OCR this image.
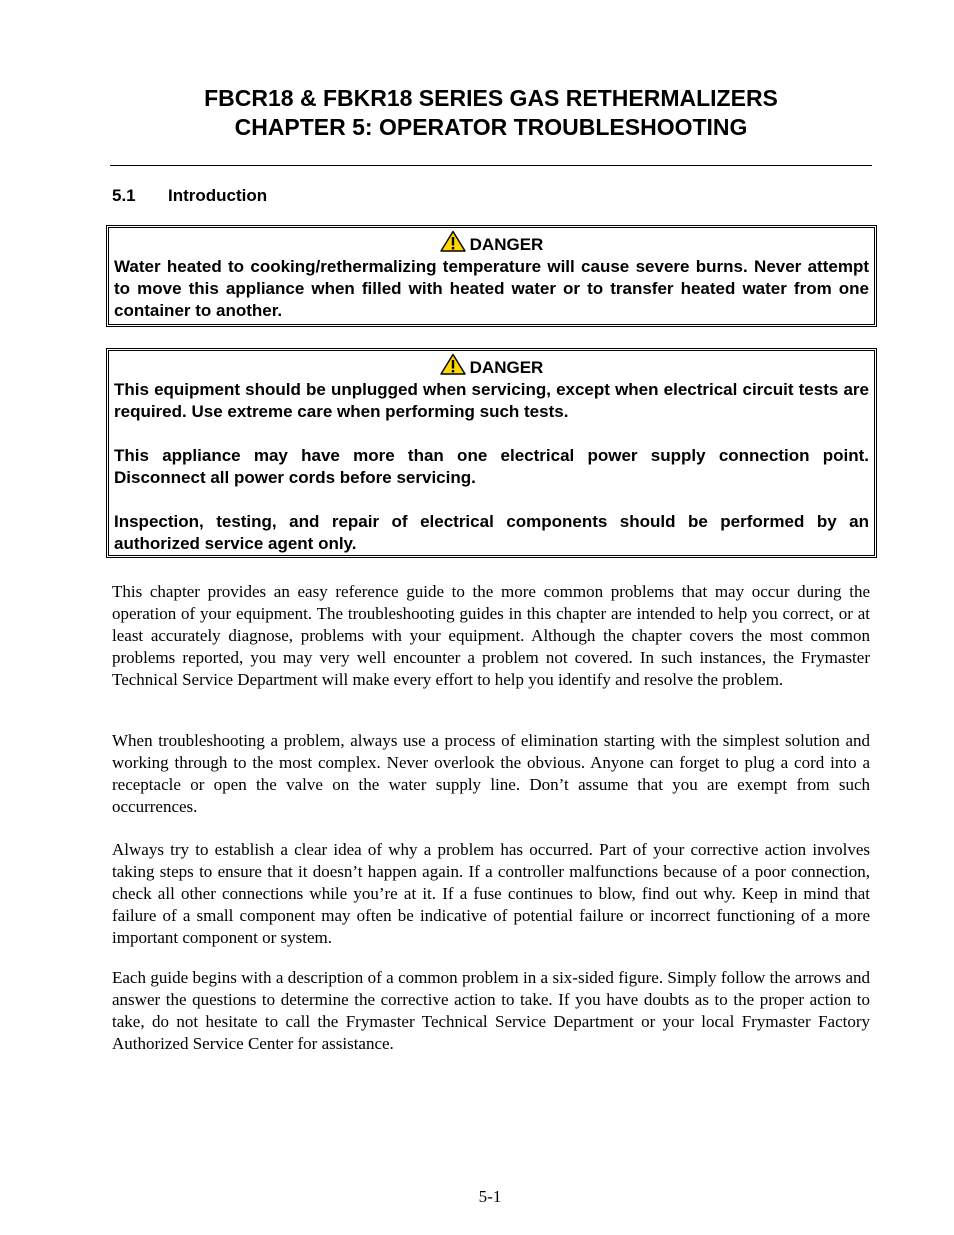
FBCR18 & FBKR18 SERIES GAS RETHERMALIZERS
CHAPTER 5: OPERATOR TROUBLESHOOTING
5.1 Introduction
DANGER

Water heated to cooking/rethermalizing temperature will cause severe burns. Never attempt to move this appliance when filled with heated water or to transfer heated water from one container to another.

DANGER

This equipment should be unplugged when servicing, except when electrical circuit tests are required. Use extreme care when performing such tests.

This appliance may have more than one electrical power supply connection point. Disconnect all power cords before servicing.

Inspection, testing, and repair of electrical components should be performed by an authorized service agent only.

This chapter provides an easy reference guide to the more common problems that may occur during the operation of your equipment. The troubleshooting guides in this chapter are intended to help you correct, or at least accurately diagnose, problems with your equipment. Although the chapter covers the most common problems reported, you may very well encounter a problem not covered. In such instances, the Frymaster Technical Service Department will make every effort to help you identify and resolve the problem.

When troubleshooting a problem, always use a process of elimination starting with the simplest solution and working through to the most complex. Never overlook the obvious. Anyone can forget to plug a cord into a receptacle or open the valve on the water supply line. Don’t assume that you are exempt from such occurrences.

Always try to establish a clear idea of why a problem has occurred. Part of your corrective action involves taking steps to ensure that it doesn’t happen again. If a controller malfunctions because of a poor connection, check all other connections while you’re at it. If a fuse continues to blow, find out why. Keep in mind that failure of a small component may often be indicative of potential failure or incorrect functioning of a more important component or system.

Each guide begins with a description of a common problem in a six-sided figure. Simply follow the arrows and answer the questions to determine the corrective action to take. If you have doubts as to the proper action to take, do not hesitate to call the Frymaster Technical Service Department or your local Frymaster Factory Authorized Service Center for assistance.

5-1
